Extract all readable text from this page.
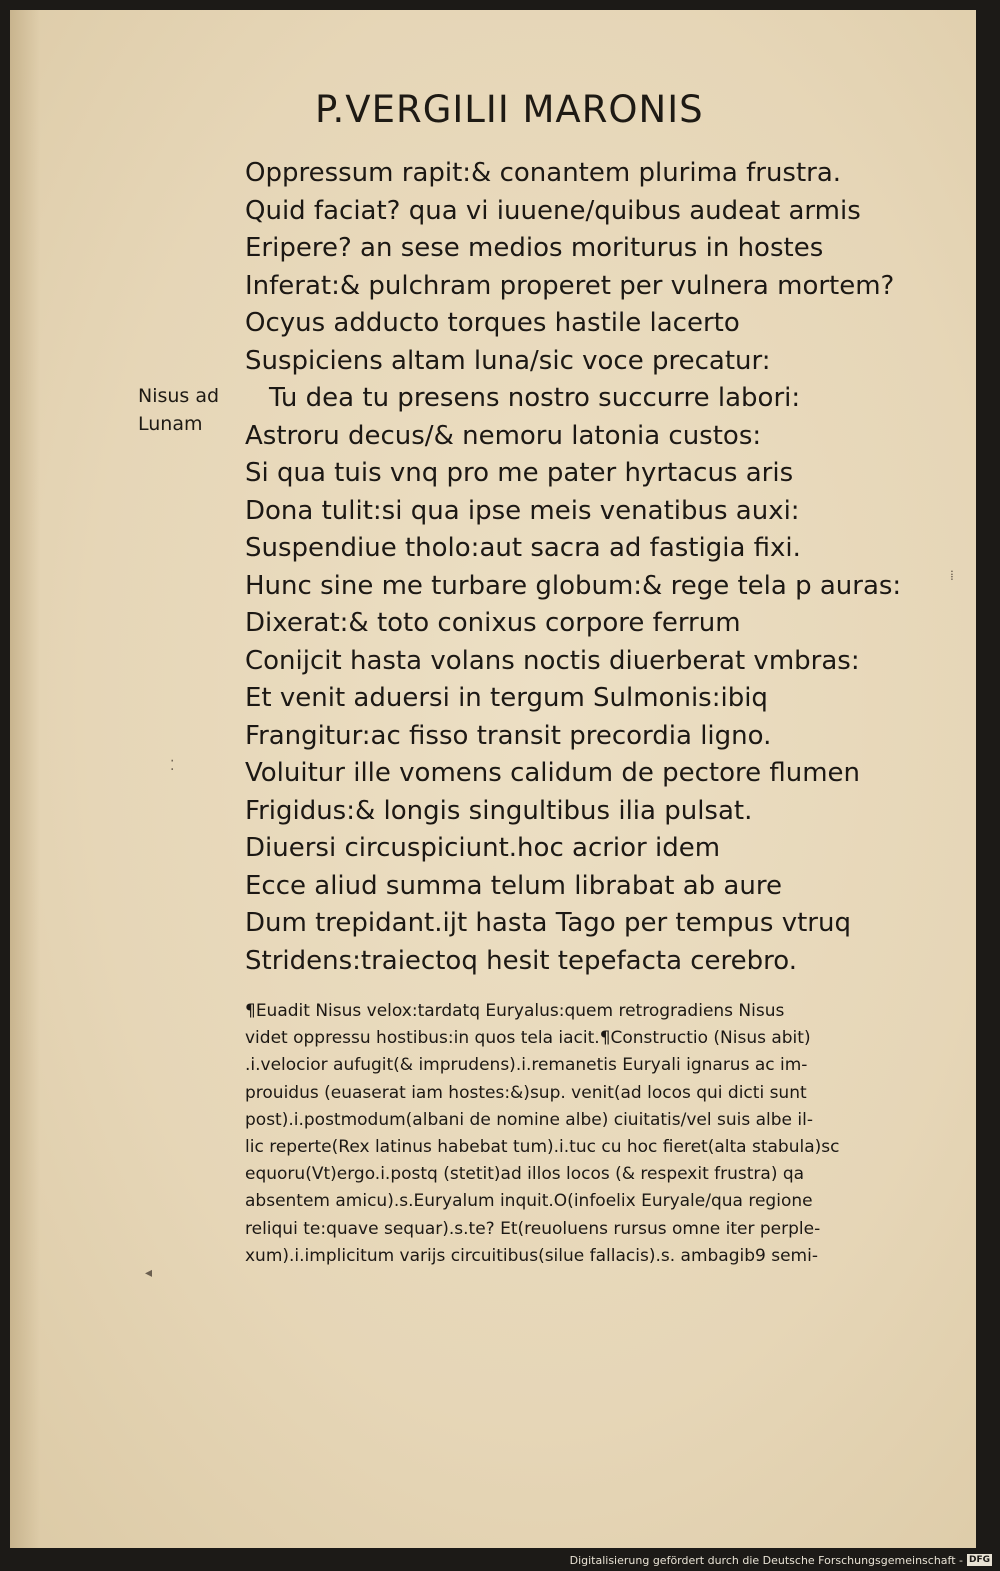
P.VERGILII MARONIS
Nisus ad
Lunam
Oppressum rapit:& conantem plurima frustra.
Quid faciat? qua vi iuuene/quibus audeat armis
Eripere? an sese medios moriturus in hostes
Inferat:& pulchram properet per vulnera mortem?
Ocyus adducto torques hastile lacerto
Suspiciens altam luna/sic voce precatur:
Tu dea tu presens nostro succurre labori:
Astroru decus/& nemoru latonia custos:
Si qua tuis vnq pro me pater hyrtacus aris
Dona tulit:si qua ipse meis venatibus auxi:
Suspendiue tholo:aut sacra ad fastigia fixi.
Hunc sine me turbare globum:& rege tela p auras:
Dixerat:& toto conixus corpore ferrum
Conijcit hasta volans noctis diuerberat vmbras:
Et venit aduersi in tergum Sulmonis:ibiq
Frangitur:ac fisso transit precordia ligno.
Voluitur ille vomens calidum de pectore flumen
Frigidus:& longis singultibus ilia pulsat.
Diuersi circuspiciunt.hoc acrior idem
Ecce aliud summa telum librabat ab aure
Dum trepidant.ijt hasta Tago per tempus vtruq
Stridens:traiectoq hesit tepefacta cerebro.
¶Euadit Nisus velox:tardatq Euryalus:quem retrogradiens Nisus
videt oppressu hostibus:in quos tela iacit.¶Constructio (Nisus abit)
.i.velocior aufugit(& imprudens).i.remanetis Euryali ignarus ac im-
prouidus (euaserat iam hostes:&)sup. venit(ad locos qui dicti sunt
post).i.postmodum(albani de nomine albe) ciuitatis/vel suis albe il-
lic reperte(Rex latinus habebat tum).i.tuc cu hoc fieret(alta stabula)sc
equoru(Vt)ergo.i.postq (stetit)ad illos locos (& respexit frustra) qa
absentem amicu).s.Euryalum inquit.O(infoelix Euryale/qua regione
reliqui te:quave sequar).s.te? Et(reuoluens rursus omne iter perple-
xum).i.implicitum varijs circuitibus(silue fallacis).s. ambagib9 semi-
⁚
◂
⁞
Digitalisierung gefördert durch die Deutsche Forschungsgemeinschaft - DFG
